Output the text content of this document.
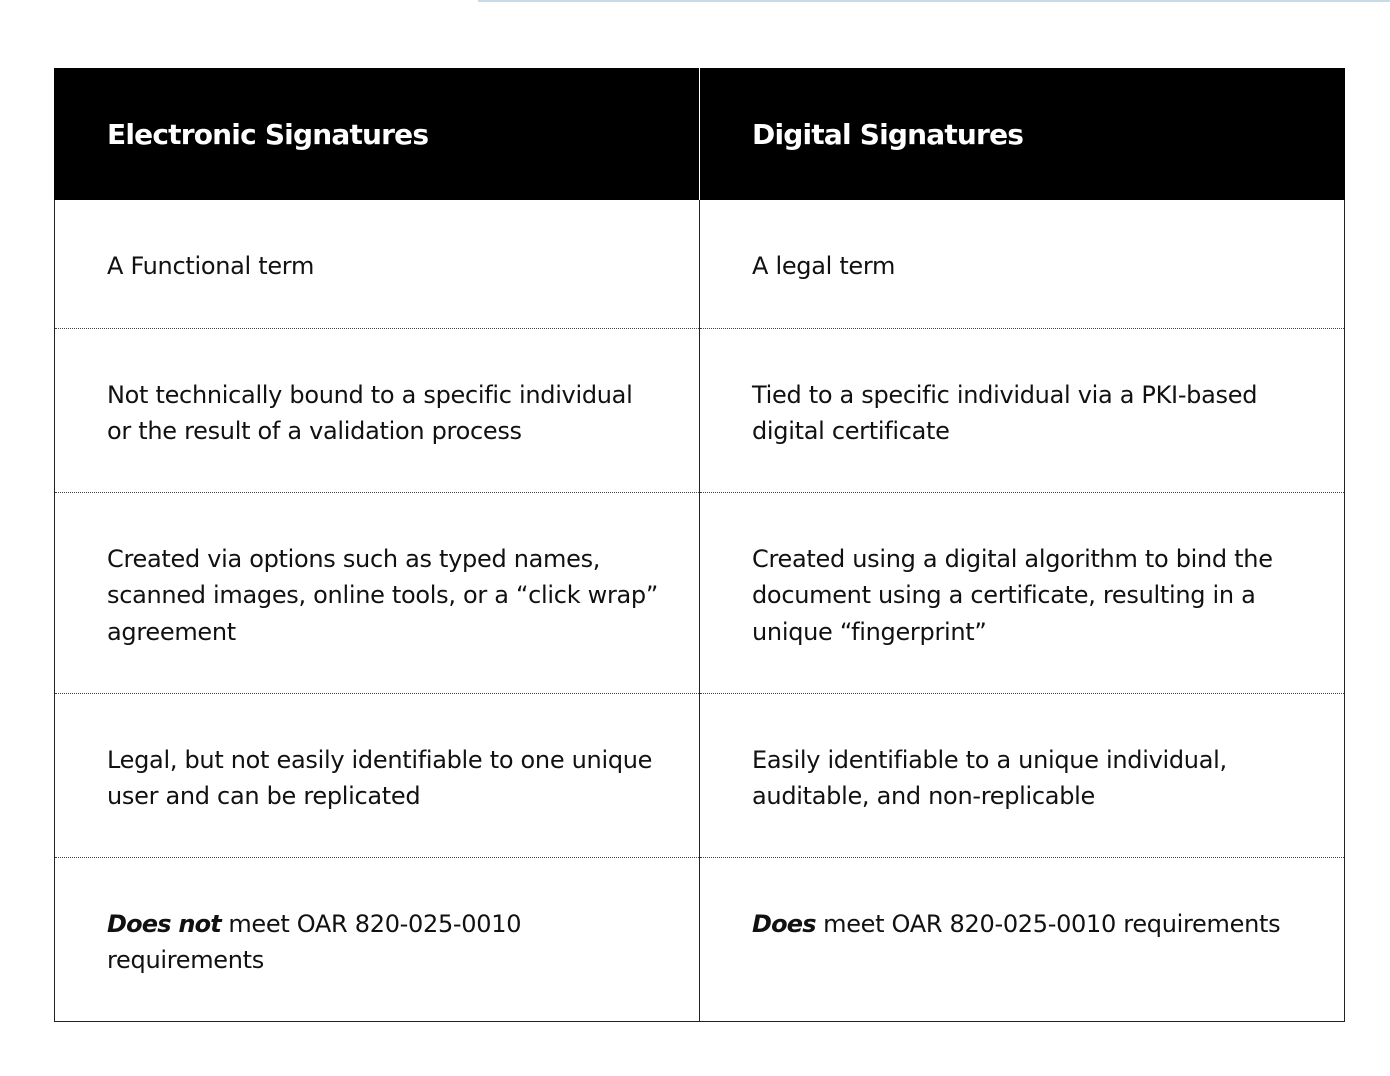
Electronic Signatures	Digital Signatures
A Functional term	A legal term
Not technically bound to a specific individual or the result of a validation process	Tied to a specific individual via a PKI-based digital certificate
Created via options such as typed names, scanned images, online tools, or a “click wrap” agreement	Created using a digital algorithm to bind the document using a certificate, resulting in a unique “fingerprint”
Legal, but not easily identifiable to one unique user and can be replicated	Easily identifiable to a unique individual, auditable, and non-replicable
Does not meet OAR 820-025-0010 requirements	Does meet OAR 820-025-0010 requirements
